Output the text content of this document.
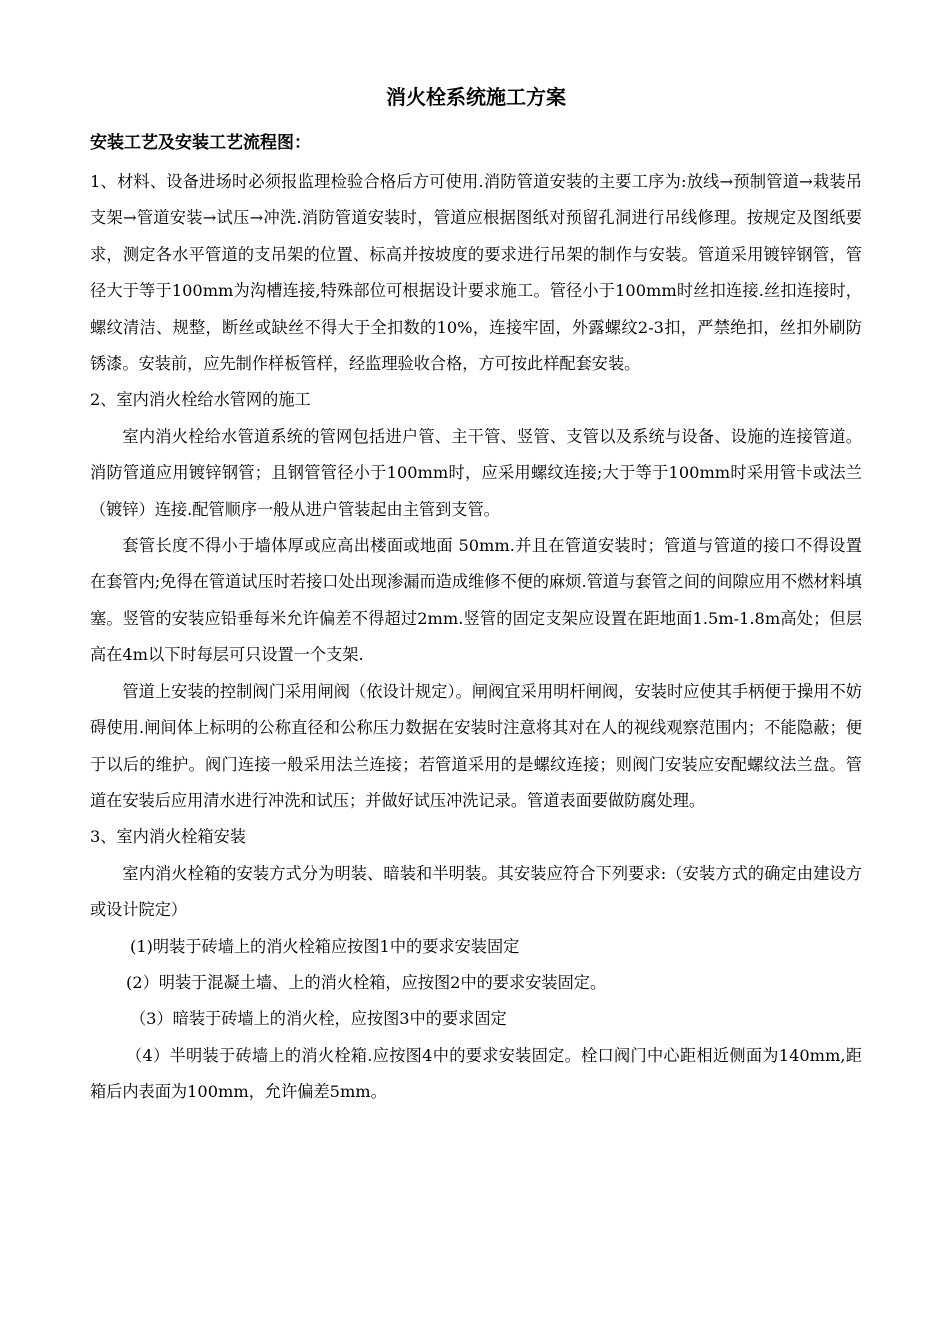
消火栓系统施工方案
安装工艺及安装工艺流程图：

1、材料、设备进场时必须报监理检验合格后方可使用.消防管道安装的主要工序为:放线→预制管道→栽装吊支架→管道安装→试压→冲洗.消防管道安装时，管道应根据图纸对预留孔洞进行吊线修理。按规定及图纸要求，测定各水平管道的支吊架的位置、标高并按坡度的要求进行吊架的制作与安装。管道采用镀锌钢管，管径大于等于100mm为沟槽连接,特殊部位可根据设计要求施工。管径小于100mm时丝扣连接.丝扣连接时，螺纹清洁、规整，断丝或缺丝不得大于全扣数的10%，连接牢固，外露螺纹2-3扣，严禁绝扣，丝扣外刷防锈漆。安装前，应先制作样板管样，经监理验收合格，方可按此样配套安装。

2、室内消火栓给水管网的施工

室内消火栓给水管道系统的管网包括进户管、主干管、竖管、支管以及系统与设备、设施的连接管道。消防管道应用镀锌钢管；且钢管管径小于100mm时，应采用螺纹连接;大于等于100mm时采用管卡或法兰（镀锌）连接.配管顺序一般从进户管装起由主管到支管。

套管长度不得小于墙体厚或应高出楼面或地面 50mm.并且在管道安装时；管道与管道的接口不得设置在套管内;免得在管道试压时若接口处出现渗漏而造成维修不便的麻烦.管道与套管之间的间隙应用不燃材料填塞。竖管的安装应铅垂每米允许偏差不得超过2mm.竖管的固定支架应设置在距地面1.5m-1.8m高处；但层高在4m以下时每层可只设置一个支架.

管道上安装的控制阀门采用闸阀（依设计规定）。闸阀宜采用明杆闸阀，安装时应使其手柄便于操用不妨碍使用.闸间体上标明的公称直径和公称压力数据在安装时注意将其对在人的视线观察范围内；不能隐蔽；便于以后的维护。阀门连接一般采用法兰连接；若管道采用的是螺纹连接；则阀门安装应安配螺纹法兰盘。管道在安装后应用清水进行冲洗和试压；并做好试压冲洗记录。管道表面要做防腐处理。

3、室内消火栓箱安装

室内消火栓箱的安装方式分为明装、暗装和半明装。其安装应符合下列要求:（安装方式的确定由建设方或设计院定）

(1)明装于砖墙上的消火栓箱应按图1中的要求安装固定

(2）明装于混凝土墙、上的消火栓箱，应按图2中的要求安装固定。

（3）暗装于砖墙上的消火栓，应按图3中的要求固定

（4）半明装于砖墙上的消火栓箱.应按图4中的要求安装固定。栓口阀门中心距相近侧面为140mm,距箱后内表面为100mm，允许偏差5mm。
